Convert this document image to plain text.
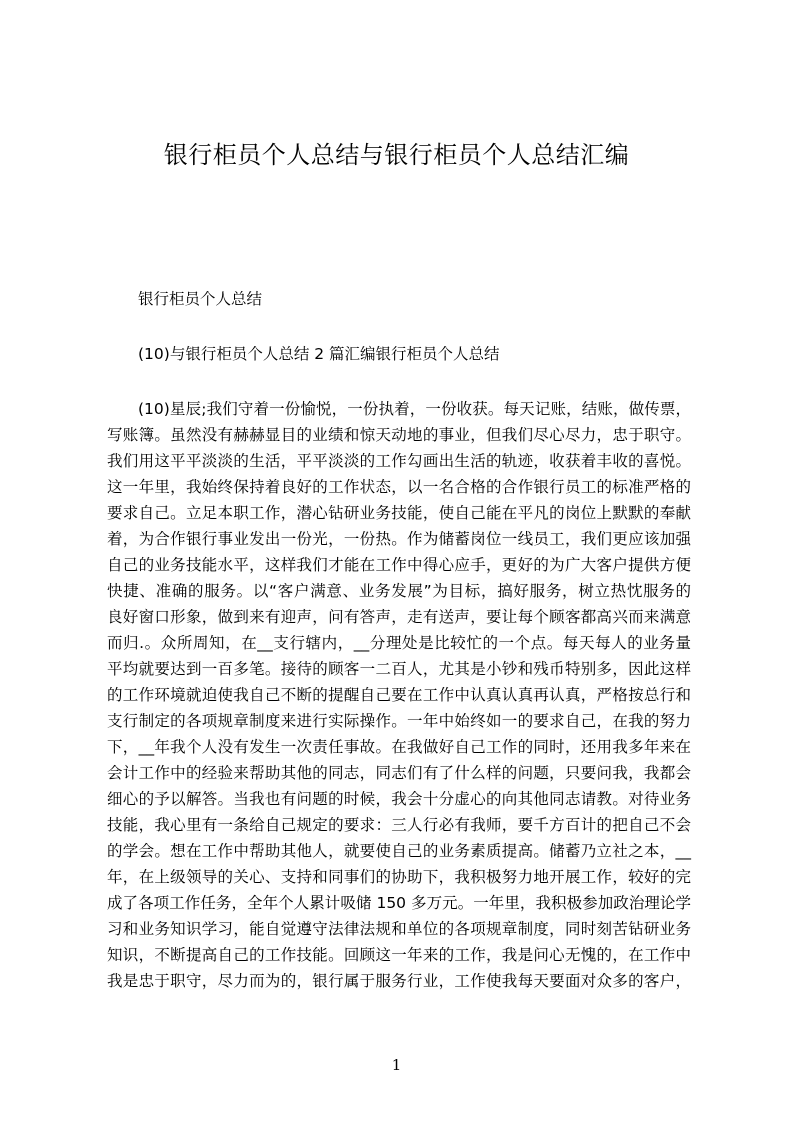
银行柜员个人总结与银行柜员个人总结汇编

银行柜员个人总结

(10)与银行柜员个人总结 2 篇汇编银行柜员个人总结

(10)星辰;我们守着一份愉悦，一份执着，一份收获。每天记账，结账，做传票，
写账簿。虽然没有赫赫显目的业绩和惊天动地的事业，但我们尽心尽力，忠于职守。
我们用这平平淡淡的生活，平平淡淡的工作勾画出生活的轨迹，收获着丰收的喜悦。
这一年里，我始终保持着良好的工作状态，以一名合格的合作银行员工的标准严格的
要求自己。立足本职工作，潜心钻研业务技能，使自己能在平凡的岗位上默默的奉献
着，为合作银行事业发出一份光，一份热。作为储蓄岗位一线员工，我们更应该加强
自己的业务技能水平，这样我们才能在工作中得心应手，更好的为广大客户提供方便
快捷、准确的服务。以“客户满意、业务发展”为目标，搞好服务，树立热忱服务的
良好窗口形象，做到来有迎声，问有答声，走有送声，要让每个顾客都高兴而来满意
而归.。众所周知，在__支行辖内，__分理处是比较忙的一个点。每天每人的业务量
平均就要达到一百多笔。接待的顾客一二百人，尤其是小钞和残币特别多，因此这样
的工作环境就迫使我自己不断的提醒自己要在工作中认真认真再认真，严格按总行和
支行制定的各项规章制度来进行实际操作。一年中始终如一的要求自己，在我的努力
下，__年我个人没有发生一次责任事故。在我做好自己工作的同时，还用我多年来在
会计工作中的经验来帮助其他的同志，同志们有了什么样的问题，只要问我，我都会
细心的予以解答。当我也有问题的时候，我会十分虚心的向其他同志请教。对待业务
技能，我心里有一条给自己规定的要求：三人行必有我师，要千方百计的把自己不会
的学会。想在工作中帮助其他人，就要使自己的业务素质提高。储蓄乃立社之本，__
年，在上级领导的关心、支持和同事们的协助下，我积极努力地开展工作，较好的完
成了各项工作任务，全年个人累计吸储 150 多万元。一年里，我积极参加政治理论学
习和业务知识学习，能自觉遵守法律法规和单位的各项规章制度，同时刻苦钻研业务
知识，不断提高自己的工作技能。回顾这一年来的工作，我是问心无愧的，在工作中
我是忠于职守，尽力而为的，银行属于服务行业，工作使我每天要面对众多的客户，
1
